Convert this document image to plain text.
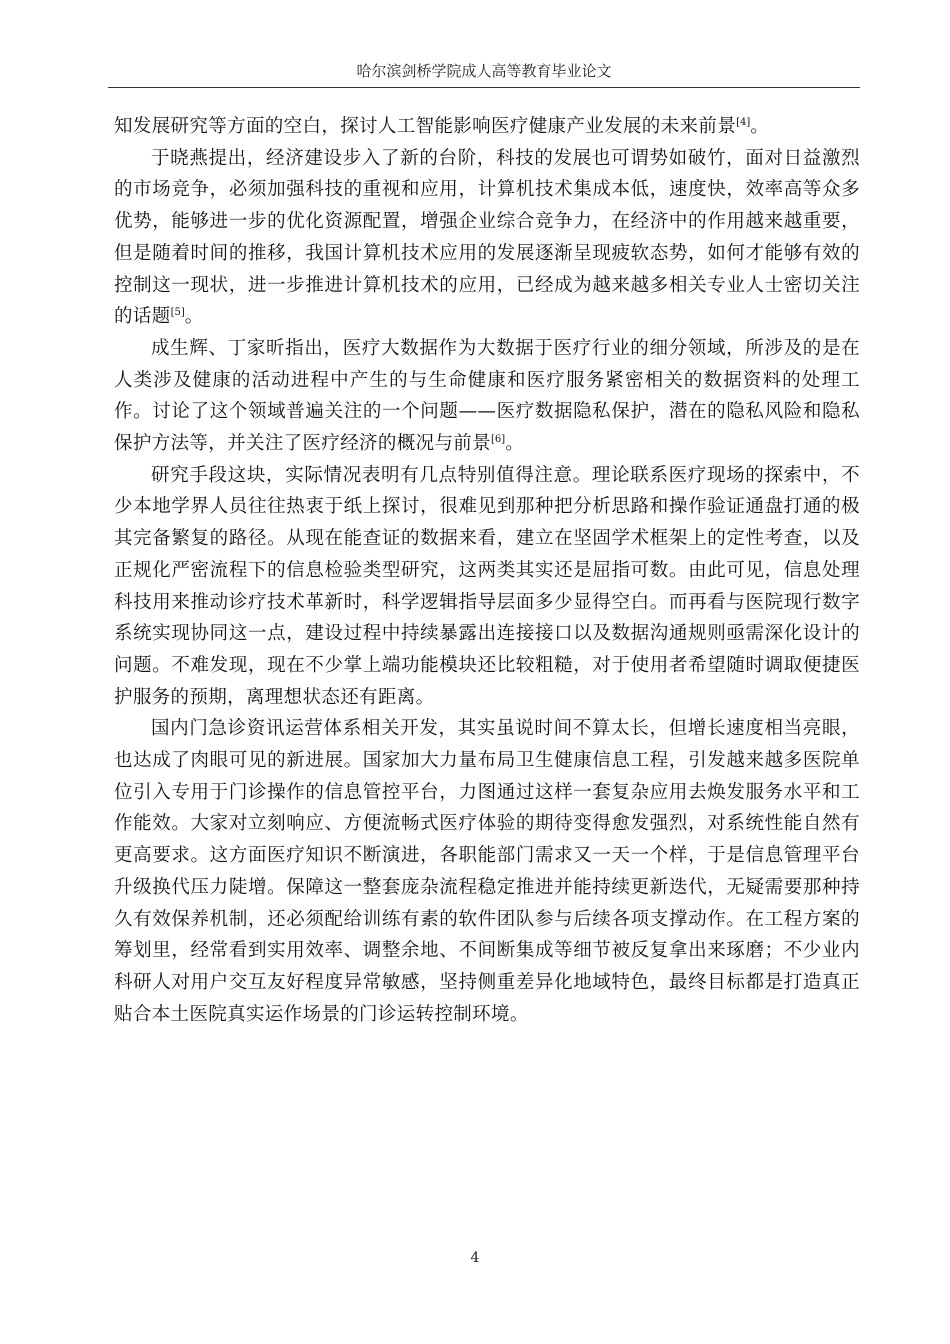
哈尔滨剑桥学院成人高等教育毕业论文

知发展研究等方面的空白，探讨人工智能影响医疗健康产业发展的未来前景[4]。

于晓燕提出，经济建设步入了新的台阶，科技的发展也可谓势如破竹，面对日益激烈的市场竞争，必须加强科技的重视和应用，计算机技术集成本低，速度快，效率高等众多优势，能够进一步的优化资源配置，增强企业综合竞争力，在经济中的作用越来越重要，但是随着时间的推移，我国计算机技术应用的发展逐渐呈现疲软态势，如何才能够有效的控制这一现状，进一步推进计算机技术的应用，已经成为越来越多相关专业人士密切关注的话题[5]。

成生辉、丁家昕指出，医疗大数据作为大数据于医疗行业的细分领域，所涉及的是在人类涉及健康的活动进程中产生的与生命健康和医疗服务紧密相关的数据资料的处理工作。讨论了这个领域普遍关注的一个问题——医疗数据隐私保护，潜在的隐私风险和隐私保护方法等，并关注了医疗经济的概况与前景[6]。

研究手段这块，实际情况表明有几点特别值得注意。理论联系医疗现场的探索中，不少本地学界人员往往热衷于纸上探讨，很难见到那种把分析思路和操作验证通盘打通的极其完备繁复的路径。从现在能查证的数据来看，建立在坚固学术框架上的定性考查，以及正规化严密流程下的信息检验类型研究，这两类其实还是屈指可数。由此可见，信息处理科技用来推动诊疗技术革新时，科学逻辑指导层面多少显得空白。而再看与医院现行数字系统实现协同这一点，建设过程中持续暴露出连接接口以及数据沟通规则亟需深化设计的问题。不难发现，现在不少掌上端功能模块还比较粗糙，对于使用者希望随时调取便捷医护服务的预期，离理想状态还有距离。

国内门急诊资讯运营体系相关开发，其实虽说时间不算太长，但增长速度相当亮眼，也达成了肉眼可见的新进展。国家加大力量布局卫生健康信息工程，引发越来越多医院单位引入专用于门诊操作的信息管控平台，力图通过这样一套复杂应用去焕发服务水平和工作能效。大家对立刻响应、方便流畅式医疗体验的期待变得愈发强烈，对系统性能自然有更高要求。这方面医疗知识不断演进，各职能部门需求又一天一个样，于是信息管理平台升级换代压力陡增。保障这一整套庞杂流程稳定推进并能持续更新迭代，无疑需要那种持久有效保养机制，还必须配给训练有素的软件团队参与后续各项支撑动作。在工程方案的筹划里，经常看到实用效率、调整余地、不间断集成等细节被反复拿出来琢磨；不少业内科研人对用户交互友好程度异常敏感，坚持侧重差异化地域特色，最终目标都是打造真正贴合本土医院真实运作场景的门诊运转控制环境。

4
